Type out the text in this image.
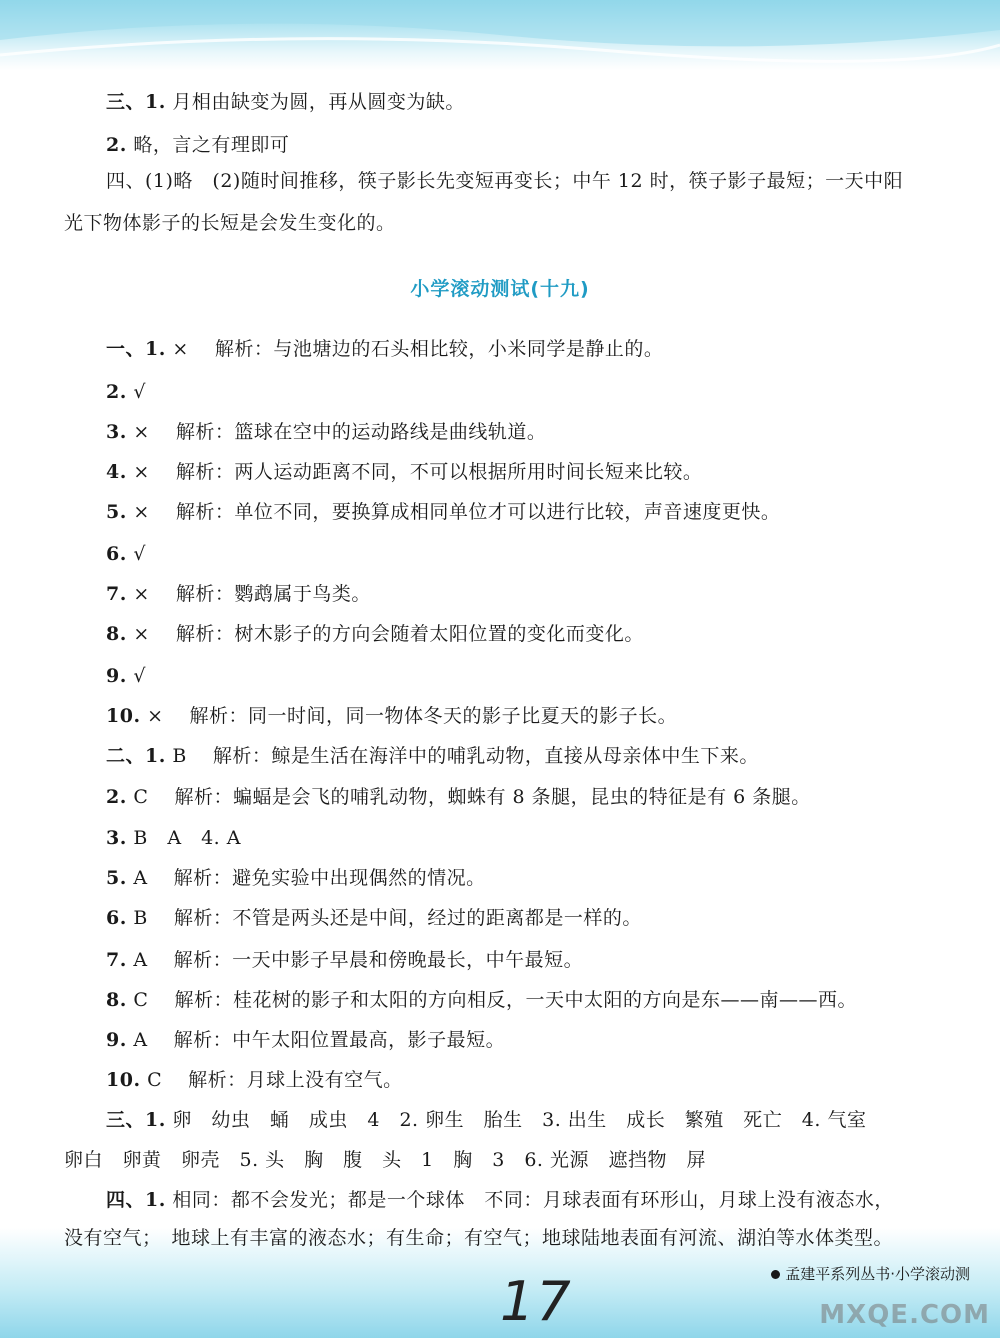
三、1. 月相由缺变为圆，再从圆变为缺。
2. 略，言之有理即可
四、(1)略　(2)随时间推移，筷子影长先变短再变长；中午 12 时，筷子影子最短；一天中阳
光下物体影子的长短是会发生变化的。
小学滚动测试(十九)
一、1. ×　 解析：与池塘边的石头相比较，小米同学是静止的。
2. √
3. ×　 解析：篮球在空中的运动路线是曲线轨道。
4. ×　 解析：两人运动距离不同，不可以根据所用时间长短来比较。
5. ×　 解析：单位不同，要换算成相同单位才可以进行比较，声音速度更快。
6. √
7. ×　 解析：鹦鹉属于鸟类。
8. ×　 解析：树木影子的方向会随着太阳位置的变化而变化。
9. √
10. ×　 解析：同一时间，同一物体冬天的影子比夏天的影子长。
二、1. B　 解析：鲸是生活在海洋中的哺乳动物，直接从母亲体中生下来。
2. C　 解析：蝙蝠是会飞的哺乳动物，蜘蛛有 8 条腿，昆虫的特征是有 6 条腿。
3. B　A　4. A
5. A　 解析：避免实验中出现偶然的情况。
6. B　 解析：不管是两头还是中间，经过的距离都是一样的。
7. A　 解析：一天中影子早晨和傍晚最长，中午最短。
8. C　 解析：桂花树的影子和太阳的方向相反，一天中太阳的方向是东——南——西。
9. A　 解析：中午太阳位置最高，影子最短。
10. C　 解析：月球上没有空气。
三、1. 卵　幼虫　蛹　成虫　4　2. 卵生　胎生　3. 出生　成长　繁殖　死亡　4. 气室
卵白　卵黄　卵壳　5. 头　胸　腹　头　1　胸　3　6. 光源　遮挡物　屏
四、1. 相同：都不会发光；都是一个球体　不同：月球表面有环形山，月球上没有液态水，
没有空气；　地球上有丰富的液态水；有生命；有空气；地球陆地表面有河流、湖泊等水体类型。
孟建平系列丛书·小学滚动测
17	MXQE.COM
